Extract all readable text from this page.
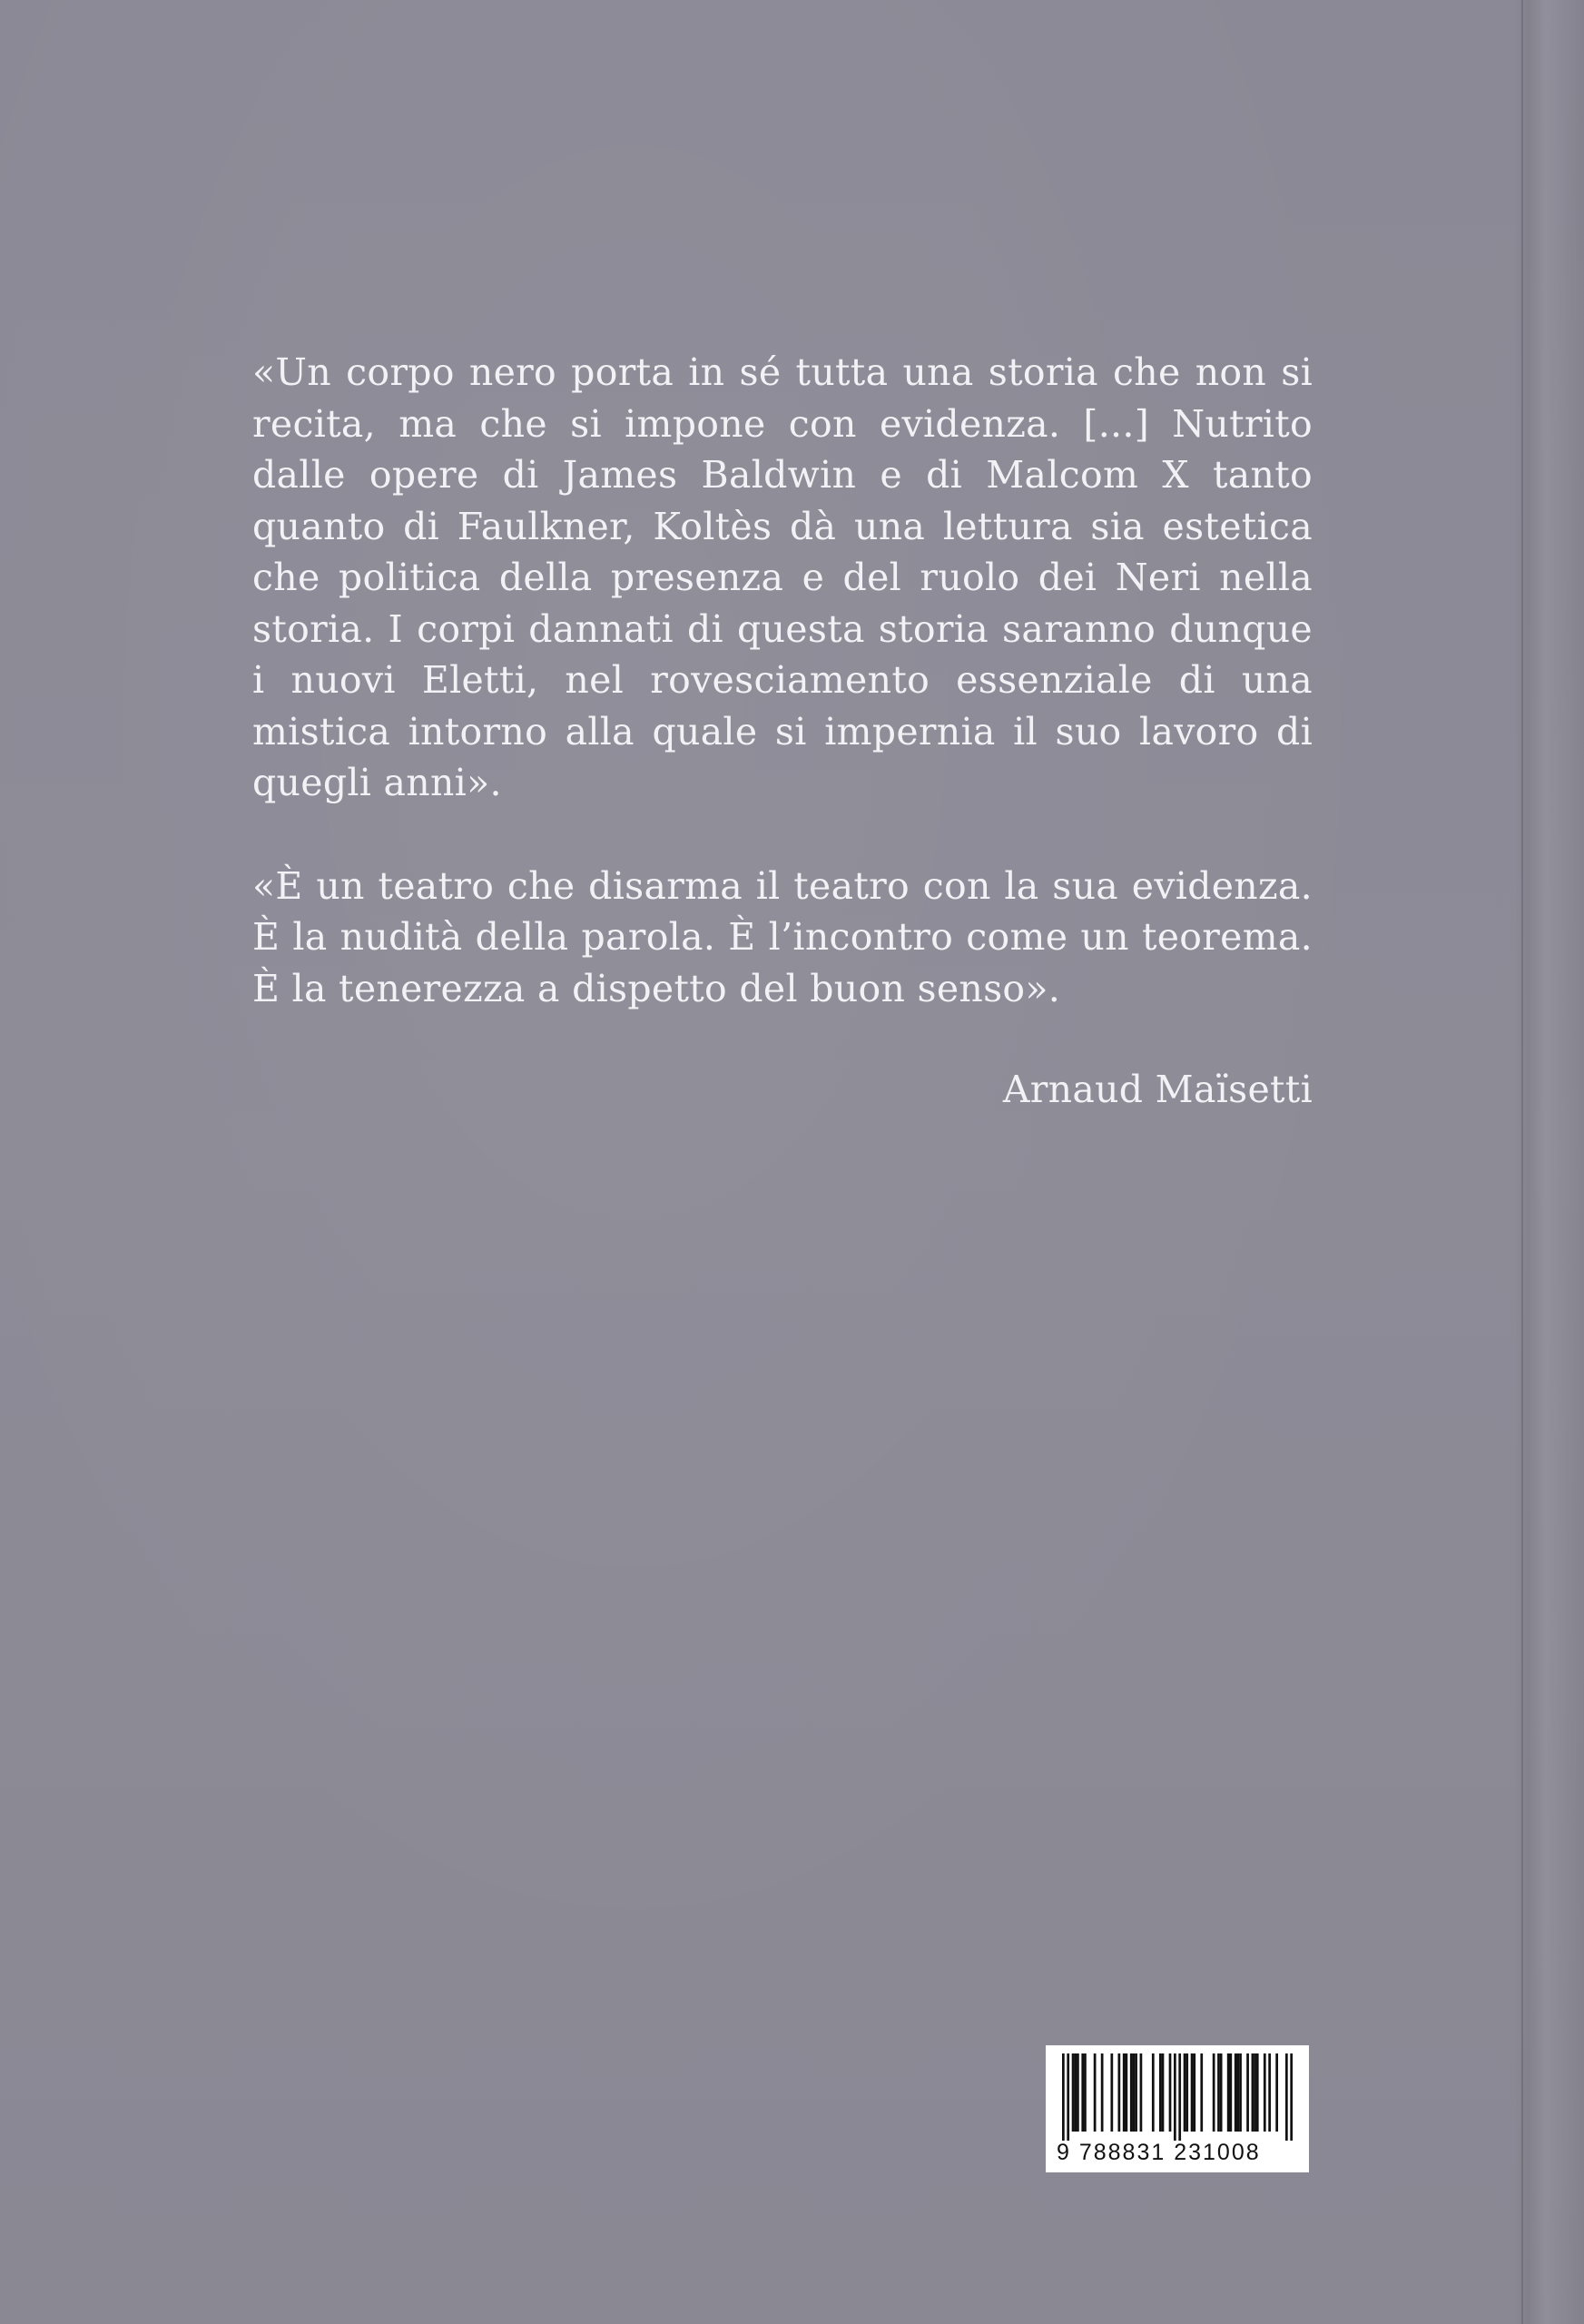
«Un corpo nero porta in sé tutta una storia che non si recita, ma che si impone con evidenza. [...] Nutrito dalle opere di James Baldwin e di Malcom X tanto quanto di Faulkner, Koltès dà una lettura sia estetica che politica della presenza e del ruolo dei Neri nella storia. I corpi dannati di questa storia saranno dunque i nuovi Eletti, nel rovesciamento essenziale di una mistica intorno alla quale si impernia il suo lavoro di quegli anni».

«È un teatro che disarma il teatro con la sua evidenza. È la nudità della parola. È l’incontro come un teorema. È la tenerezza a dispetto del buon senso».

Arnaud Maïsetti
9 788831 231008
